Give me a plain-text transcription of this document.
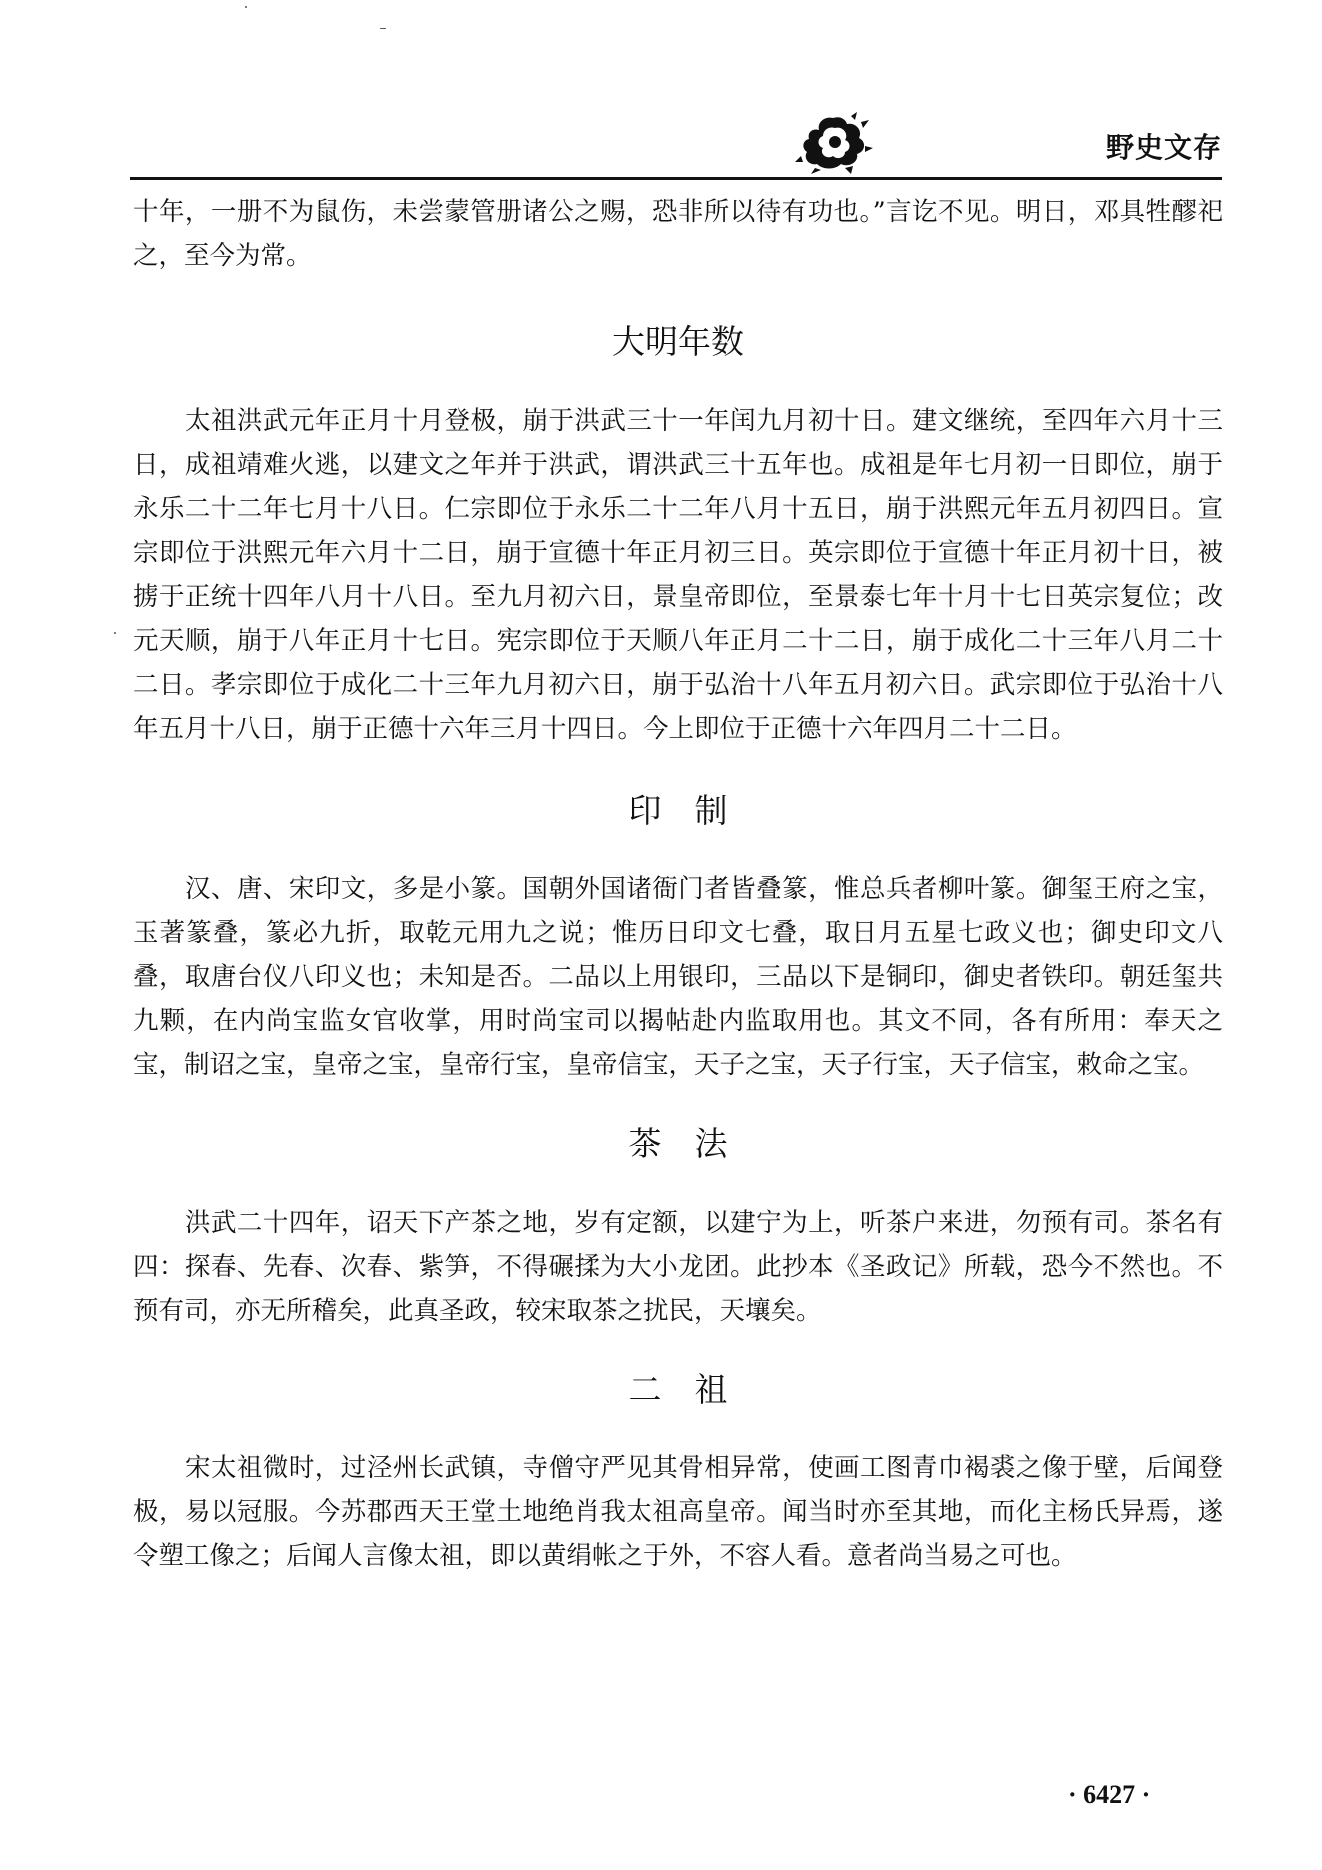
野史文存

十年，一册不为鼠伤，未尝蒙管册诸公之赐，恐非所以待有功也。”言讫不见。明日，邓具牲醪祀之，至今为常。

大明年数

太祖洪武元年正月十月登极，崩于洪武三十一年闰九月初十日。建文继统，至四年六月十三日，成祖靖难火逃，以建文之年并于洪武，谓洪武三十五年也。成祖是年七月初一日即位，崩于永乐二十二年七月十八日。仁宗即位于永乐二十二年八月十五日，崩于洪熙元年五月初四日。宣宗即位于洪熙元年六月十二日，崩于宣德十年正月初三日。英宗即位于宣德十年正月初十日，被掳于正统十四年八月十八日。至九月初六日，景皇帝即位，至景泰七年十月十七日英宗复位；改元天顺，崩于八年正月十七日。宪宗即位于天顺八年正月二十二日，崩于成化二十三年八月二十二日。孝宗即位于成化二十三年九月初六日，崩于弘治十八年五月初六日。武宗即位于弘治十八年五月十八日，崩于正德十六年三月十四日。今上即位于正德十六年四月二十二日。

印　制

汉、唐、宋印文，多是小篆。国朝外国诸衙门者皆叠篆，惟总兵者柳叶篆。御玺王府之宝，玉著篆叠，篆必九折，取乾元用九之说；惟历日印文七叠，取日月五星七政义也；御史印文八叠，取唐台仪八印义也；未知是否。二品以上用银印，三品以下是铜印，御史者铁印。朝廷玺共九颗，在内尚宝监女官收掌，用时尚宝司以揭帖赴内监取用也。其文不同，各有所用：奉天之宝，制诏之宝，皇帝之宝，皇帝行宝，皇帝信宝，天子之宝，天子行宝，天子信宝，敕命之宝。

茶　法

洪武二十四年，诏天下产茶之地，岁有定额，以建宁为上，听茶户来进，勿预有司。茶名有四：探春、先春、次春、紫笋，不得碾揉为大小龙团。此抄本《圣政记》所载，恐今不然也。不预有司，亦无所稽矣，此真圣政，较宋取茶之扰民，天壤矣。

二　祖

宋太祖微时，过泾州长武镇，寺僧守严见其骨相异常，使画工图青巾褐裘之像于壁，后闻登极，易以冠服。今苏郡西天王堂土地绝肖我太祖高皇帝。闻当时亦至其地，而化主杨氏异焉，遂令塑工像之；后闻人言像太祖，即以黄绢帐之于外，不容人看。意者尚当易之可也。

· 6427 ·
